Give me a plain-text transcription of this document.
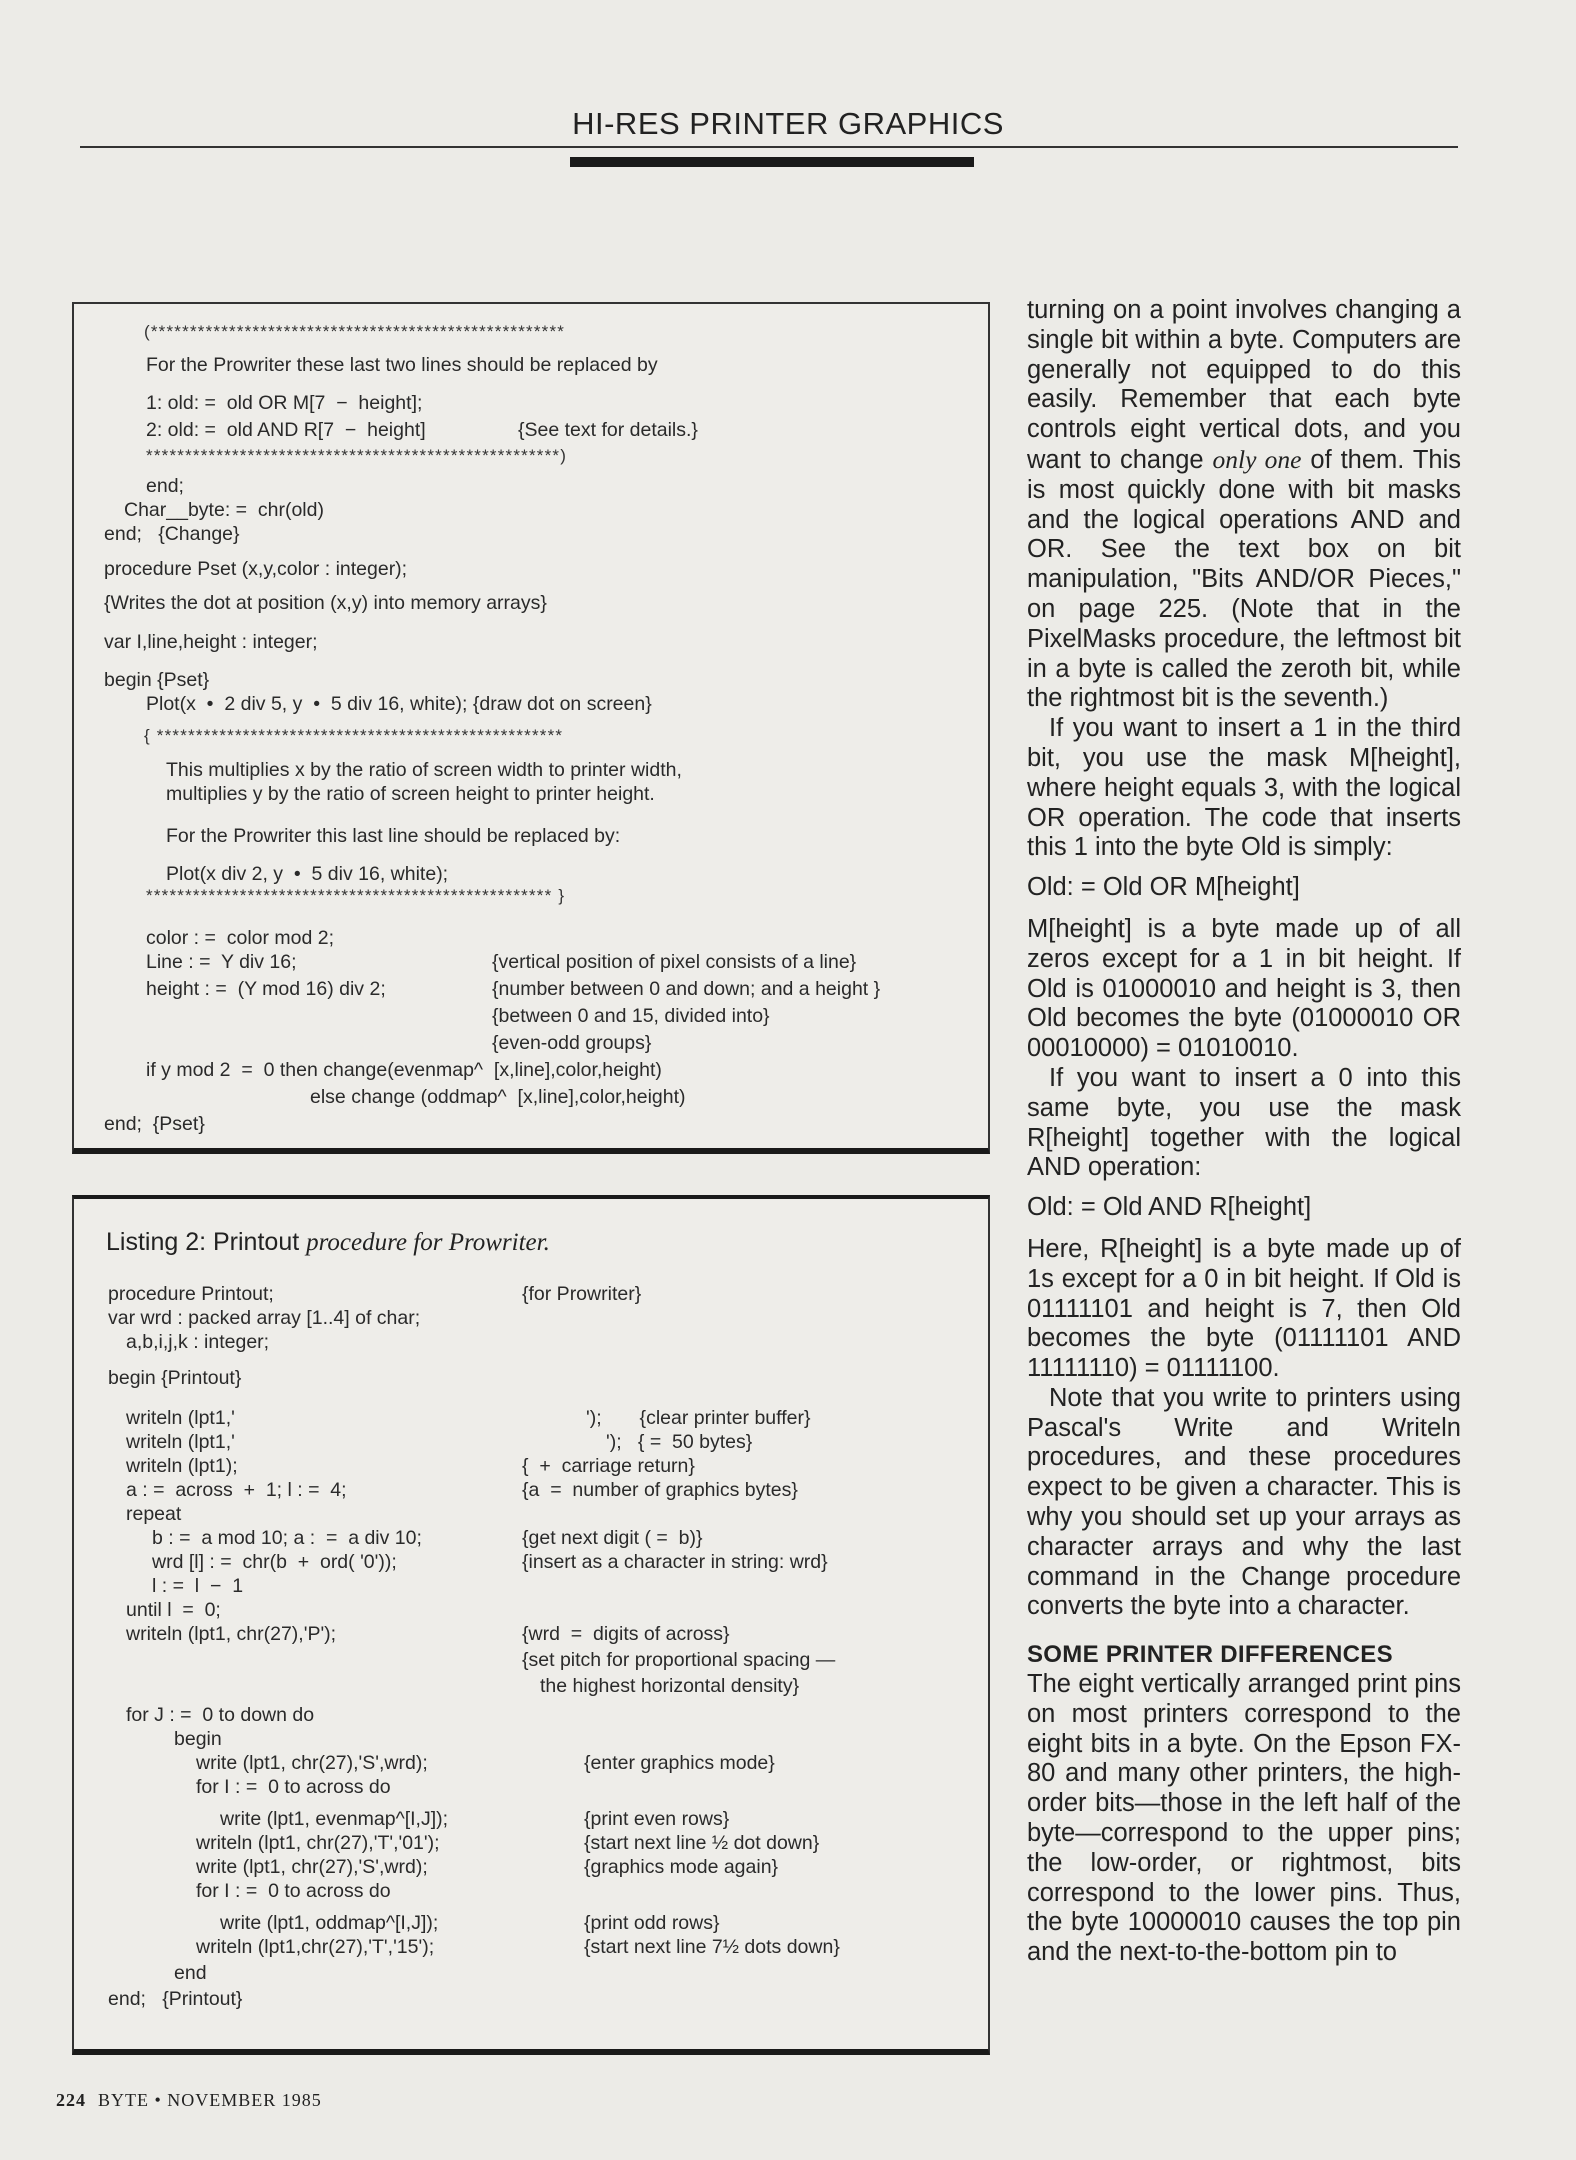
HI-RES PRINTER GRAPHICS
(*****************************************************
For the Prowriter these last two lines should be replaced by
1: old: =  old OR M[7  −  height];
2: old: =  old AND R[7  −  height]	{See text for details.}
*****************************************************)
end;
Char__byte: =  chr(old)
end;   {Change}
procedure Pset (x,y,color : integer);
{Writes the dot at position (x,y) into memory arrays}
var I,line,height : integer;
begin {Pset}
Plot(x  •  2 div 5, y  •  5 div 16, white); {draw dot on screen}
{ ****************************************************
This multiplies x by the ratio of screen width to printer width,
multiplies y by the ratio of screen height to printer height.
For the Prowriter this last line should be replaced by:
Plot(x div 2, y  •  5 div 16, white);
**************************************************** }
color : =  color mod 2;
Line : =  Y div 16;
height : =  (Y mod 16) div 2;
{vertical position of pixel consists of a line}
{number between 0 and down; and a height }
{between 0 and 15, divided into}
{even-odd groups}
if y mod 2  =  0 then change(evenmap^  [x,line],color,height)
else change (oddmap^  [x,line],color,height)
end;  {Pset}
Listing 2: Printout procedure for Prowriter.
procedure Printout;
var wrd : packed array [1..4] of char;
a,b,i,j,k : integer;
begin {Printout}
writeln (lpt1,'
writeln (lpt1,'
writeln (lpt1);
a : =  across  +  1; l : =  4;
repeat
b : =  a mod 10; a :  =  a div 10;
wrd [l] : =  chr(b  +  ord( '0'));
l : =  l  −  1
until l  =  0;
writeln (lpt1, chr(27),'P');
for J : =  0 to down do
begin
write (lpt1, chr(27),'S',wrd);
for I : =  0 to across do
write (lpt1, evenmap^[I,J]);
writeln (lpt1, chr(27),'T','01');
write (lpt1, chr(27),'S',wrd);
for I : =  0 to across do
write (lpt1, oddmap^[I,J]);
writeln (lpt1,chr(27),'T','15');
end
end;   {Printout}
{for Prowriter}
');       {clear printer buffer}
');   { =  50 bytes}
{  +  carriage return}
{a  =  number of graphics bytes}
{get next digit ( =  b)}
{insert as a character in string: wrd}
{wrd  =  digits of across}
{set pitch for proportional spacing —
the highest horizontal density}
{enter graphics mode}
{print even rows}
{start next line ½ dot down}
{graphics mode again}
{print odd rows}
{start next line 7½ dots down}

turning on a point involves changing a single bit within a byte. Computers are generally not equipped to do this easily. Remember that each byte controls eight vertical dots, and you want to change only one of them. This is most quickly done with bit masks and the logical operations AND and OR. See the text box on bit manipulation, "Bits AND/OR Pieces," on page 225. (Note that in the PixelMasks procedure, the leftmost bit in a byte is called the zeroth bit, while the rightmost bit is the seventh.)

If you want to insert a 1 in the third bit, you use the mask M[height], where height equals 3, with the logical OR operation. The code that inserts this 1 into the byte Old is simply:

Old: = Old OR M[height]

M[height] is a byte made up of all zeros except for a 1 in bit height. If Old is 01000010 and height is 3, then Old becomes the byte (01000010 OR 00010000) = 01010010.

If you want to insert a 0 into this same byte, you use the mask R[height] together with the logical AND operation:

Old: = Old AND R[height]

Here, R[height] is a byte made up of 1s except for a 0 in bit height. If Old is 01111101 and height is 7, then Old becomes the byte (01111101 AND 11111110) = 01111100.

Note that you write to printers using Pascal's Write and Writeln procedures, and these procedures expect to be given a character. This is why you should set up your arrays as character arrays and why the last command in the Change procedure converts the byte into a character.

SOME PRINTER DIFFERENCES

The eight vertically arranged print pins on most printers correspond to the eight bits in a byte. On the Epson FX-80 and many other printers, the high-order bits—those in the left half of the byte—correspond to the upper pins; the low-order, or rightmost, bits correspond to the lower pins. Thus, the byte 10000010 causes the top pin and the next-to-the-bottom pin to

224 BYTE • NOVEMBER 1985
